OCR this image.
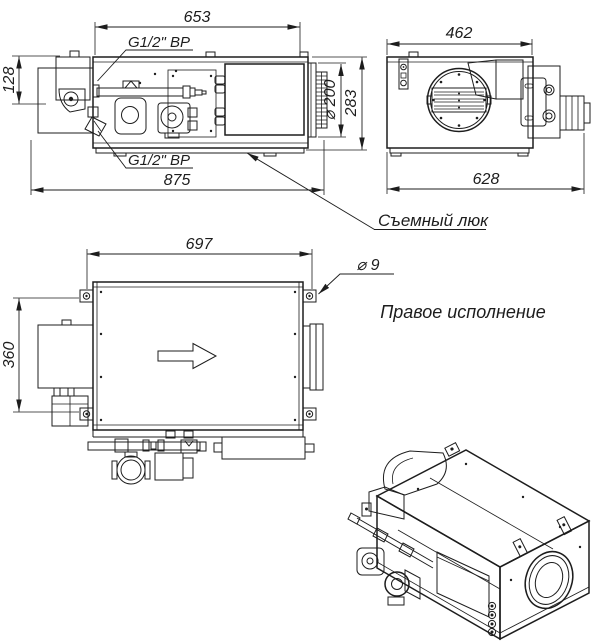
653
875
128
G1/2" ВР
G1/2" ВР
⌀ 200 283
462
628
Съемный люк
697
360
⌀ 9
Правое исполнение
